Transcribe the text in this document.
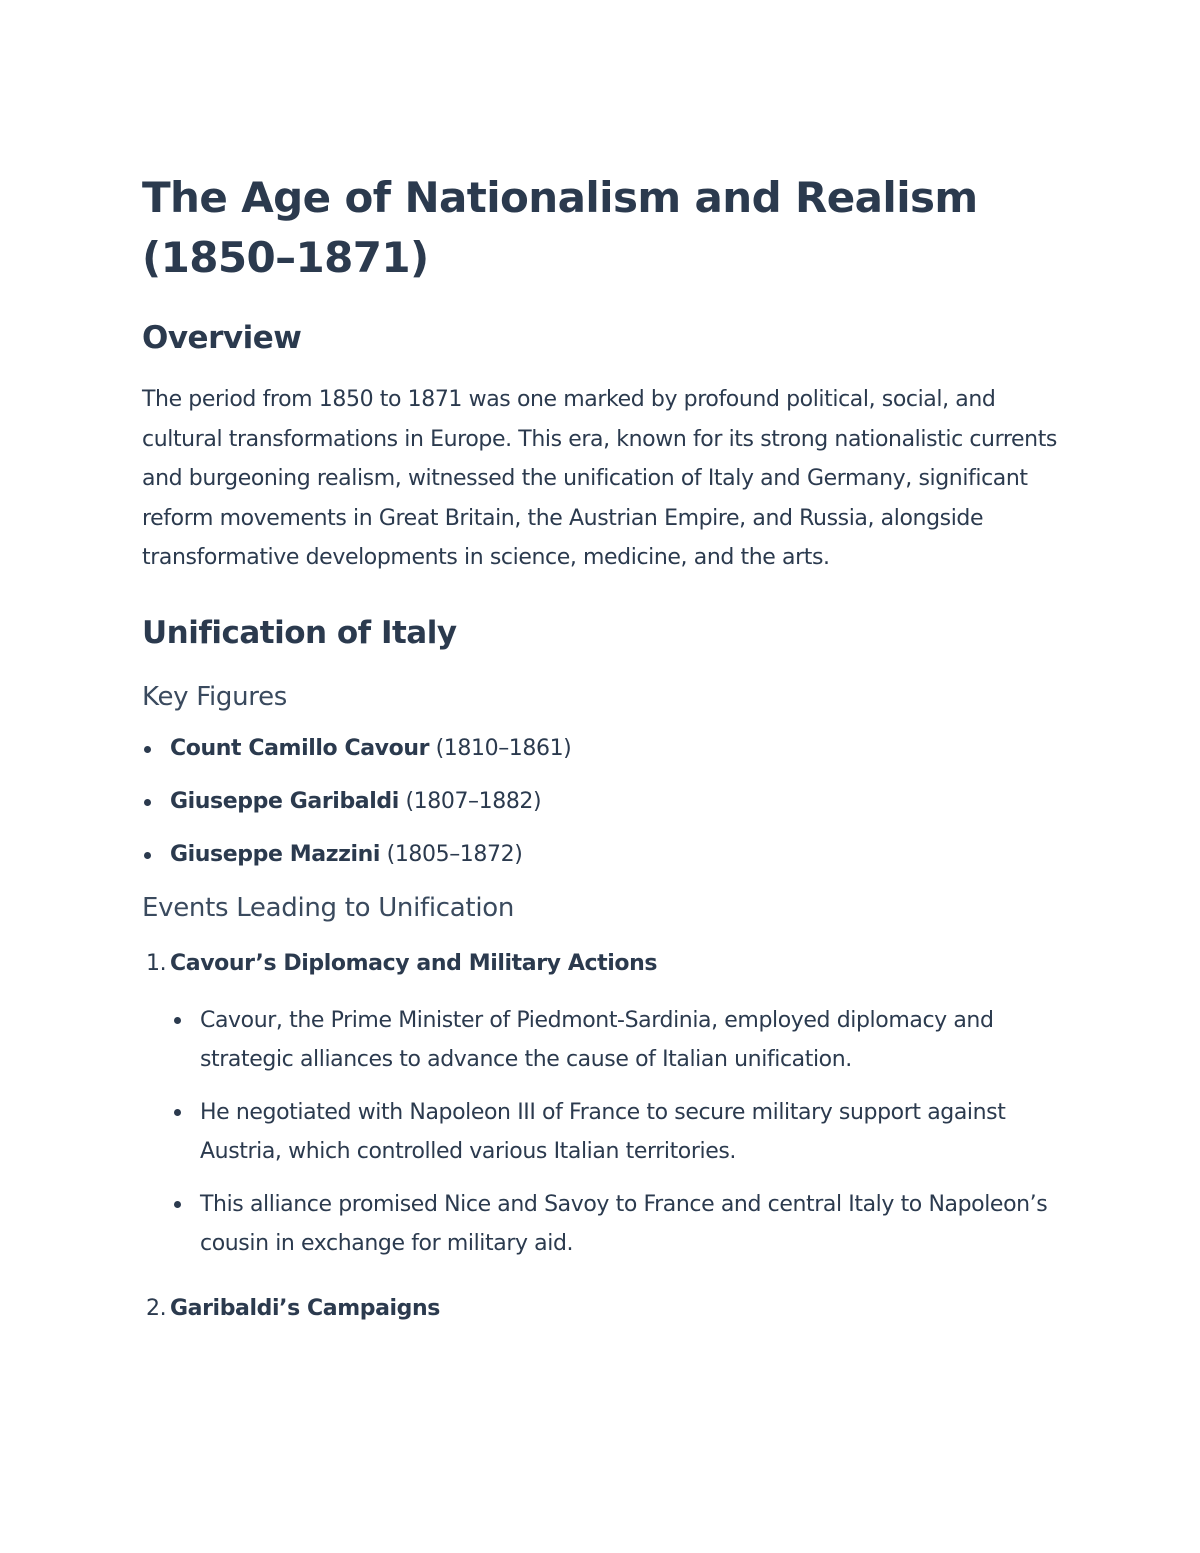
The Age of Nationalism and Realism (1850–1871)
Overview

The period from 1850 to 1871 was one marked by profound political, social, and cultural transformations in Europe. This era, known for its strong nationalistic currents and burgeoning realism, witnessed the unification of Italy and Germany, significant reform movements in Great Britain, the Austrian Empire, and Russia, alongside transformative developments in science, medicine, and the arts.

Unification of Italy
Key Figures
Count Camillo Cavour (1810–1861)
Giuseppe Garibaldi (1807–1882)
Giuseppe Mazzini (1805–1872)
Events Leading to Unification
1. Cavour’s Diplomacy and Military Actions
Cavour, the Prime Minister of Piedmont-Sardinia, employed diplomacy and strategic alliances to advance the cause of Italian unification.
He negotiated with Napoleon III of France to secure military support against Austria, which controlled various Italian territories.
This alliance promised Nice and Savoy to France and central Italy to Napoleon’s cousin in exchange for military aid.
2. Garibaldi’s Campaigns
